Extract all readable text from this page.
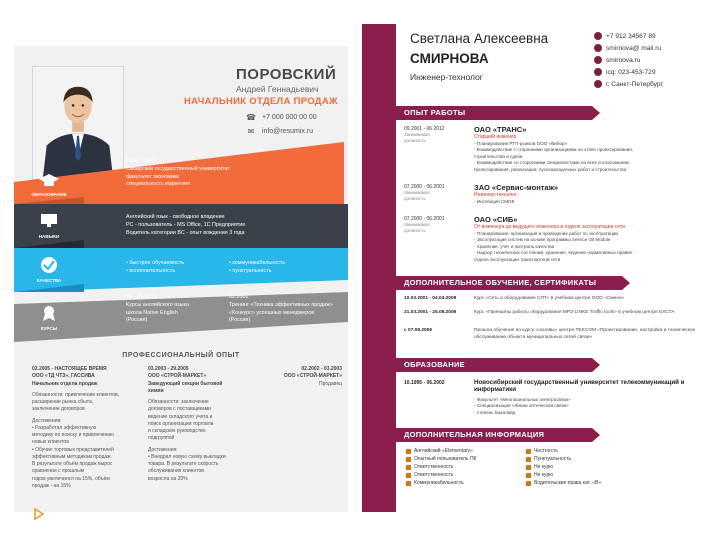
ПОРОВСКИЙ
Андрей Геннадьевич
НАЧАЛЬНИК ОТДЕЛА ПРОДАЖ
☎ +7 000 000 00 00
✉ info@resumix.ru
ОБРАЗОВАНИЕ
1998 - 2003
Сибирский государственный университет
факультет экономики
специальность маркетинг
НАВЫКИ
Английский язык - свободное владение
PC - пользователь - MS Office, 1С Предприятие
Водитель категории ВС - опыт вождения 3 года
КАЧЕСТВА
• быстрое обучаемость
• исполнительность
• коммуникабельность
• пунктуальность
КУРСЫ
04 - 05.2003
Курсы английского языка
школа Native English
(Россия)
02.2002
Тренинг «Техника эффективных продаж»
«Конкурс» успешных менеджеров
(Россия)
ПРОФЕССИОНАЛЬНЫЙ ОПЫТ
02.2005 - НАСТОЯЩЕЕ ВРЕМЯ
ООО «ТД ЧТЗ», ГАССИВА
Начальник отдела продаж
Обязанности: привлечение клиентов,
расширение рынка сбыта,
заключение договоров
Достижения:
• Разработал эффективную
методику по поиску и привлечению
новых клиентов
• Обучил торговых представителей
эффективным методикам продаж.
В результате объём продаж вырос
сравнении с прошлым
годом увеличился на 15%, объём
продаж - на 15%
03.2003 - 29.2005
ООО «СТРОЙ-МАРКЕТ»
Заведующий секции бытовой
химии
Обязанности: заключение
договоров с поставщиками
ведение складского учета и
поиск организации торговли
и складских руководство
подгруппой
Достижения:
• Внедрил новую схему выкладки
товара. В результате скорость
обслуживания клиентов
возросла на 20%
02.2002 - 03.2003
ООО «СТРОЙ-МАРКЕТ»
Продавец
Светлана Алексеевна
СМИРНОВА
Инженер-технолог
+7 912 34567 89
smirnova@ mail.ru
smirnova.ru
icq: 023-453-729
г. Санкт-Петербург
ОПЫТ РАБОТЫ
09.2001 - 06.2012
Занимаемая
должность
ОАО «ТРАНС»
Старший инженер
- Планирование РТП-рынков ООО «Вибор»
- Взаимодействие с сторонними организациями на этапе проектирования,
строительства и сдачи
- Взаимодействие со сторонними специалистами на всех согласованиях
проектирования, реализации, пусконаладочных работ и строительства
07.2000 - 06.2001
Занимаемая
должность
ЗАО «Сервис-монтаж»
Инженер-технолог
- Инспекция СМОК
07.2000 - 06.2001
Занимаемая
должность
ОАО «СИБ»
От инженера до ведущего инженера в отделе эксплуатации сети
- Планирование, организация и проведение работ по эксплуатации
- Эксплуатация систем на основе программы Service Oil Module
- Хранение, учёт и контроль качества
- Надзор технических состояний, хранение, ведение нормативных правил
отдела эксплуатации транспортной сети
ДОПОЛНИТЕЛЬНОЕ ОБУЧЕНИЕ, СЕРТИФИКАТЫ
10.03.2001 - 04.04.2009	Курс «Сеть и оборудование СПТ» в учебном центре ООО «Смена»
21.03.2001 - 25.08.2006	Курс «Принципы работы оборудования МРЗ-LINKE Traffic tools» в учебном центре ЕХСТА
с 07.09.2006	Прошла обучение по курсу «основы» центре TEKCOM «Проектирование, настройка и техническое обслуживание объекта муниципальных сетей связи»
ОБРАЗОВАНИЕ
10.1995 - 06.2002	Новосибирский государственный университет телекоммуникаций и информатики
- Факультет «Многоканальных электросвязи»
- Специализация «Линии оптической связи»
- степень Бакалавр
ДОПОЛНИТЕЛЬНАЯ ИНФОРМАЦИЯ
Английский «Elementary»	Честность
Опытный пользователь ПК	Пунктуальность
Ответственность	Не курю
Ответственность	Не курю
Коммуникабельность	Водительские права кат. «В»
